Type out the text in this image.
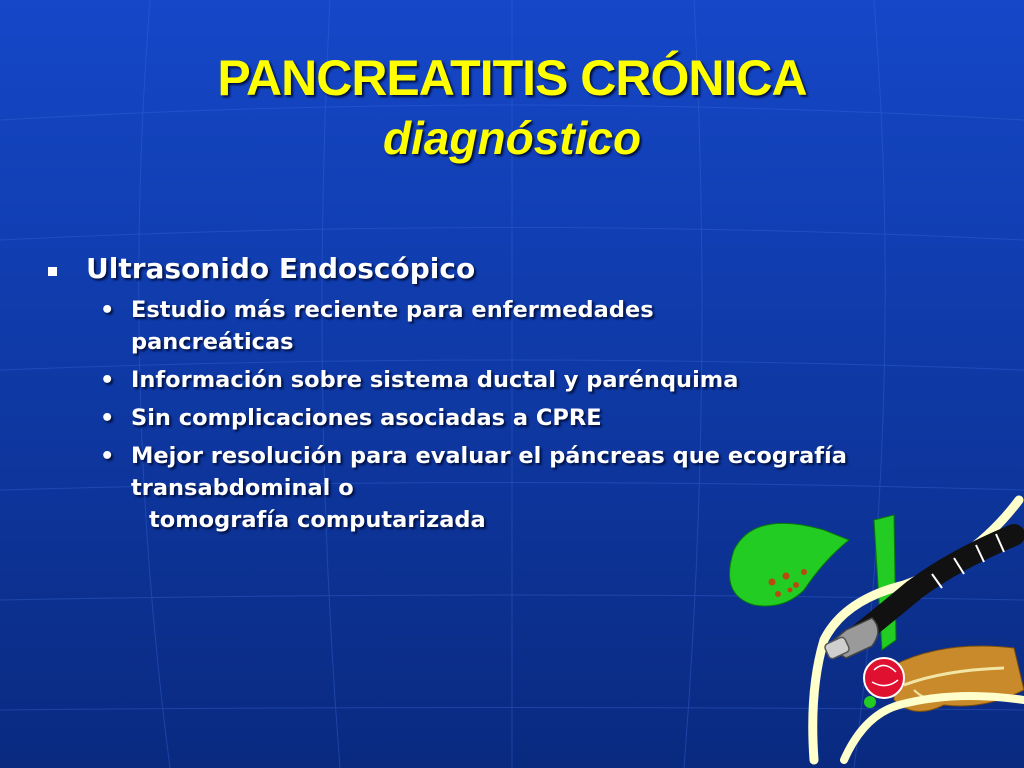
PANCREATITIS CRÓNICA
diagnóstico
Ultrasonido Endoscópico
• Estudio más reciente para enfermedades pancreáticas
• Información sobre sistema ductal y parénquima
• Sin complicaciones asociadas a CPRE
• Mejor resolución para evaluar el páncreas que ecografía transabdominal o
tomografía computarizada
